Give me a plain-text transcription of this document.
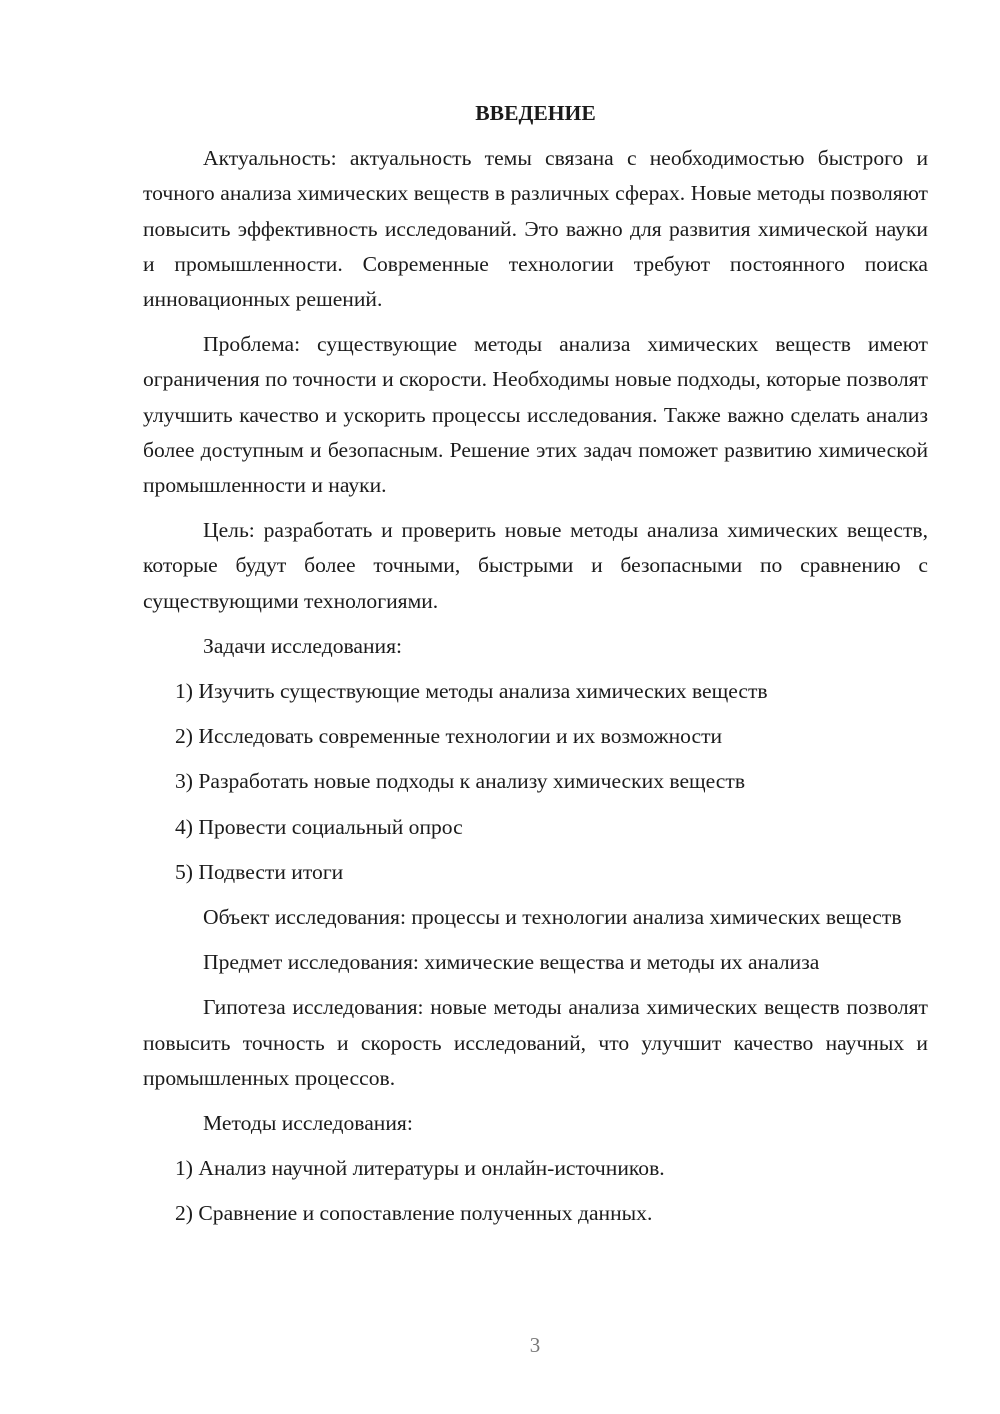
ВВЕДЕНИЕ
Актуальность: актуальность темы связана с необходимостью быстрого и точного анализа химических веществ в различных сферах. Новые методы позволяют повысить эффективность исследований. Это важно для развития химической науки и промышленности. Современные технологии требуют постоянного поиска инновационных решений.
Проблема: существующие методы анализа химических веществ имеют ограничения по точности и скорости. Необходимы новые подходы, которые позволят улучшить качество и ускорить процессы исследования. Также важно сделать анализ более доступным и безопасным. Решение этих задач поможет развитию химической промышленности и науки.
Цель: разработать и проверить новые методы анализа химических веществ, которые будут более точными, быстрыми и безопасными по сравнению с существующими технологиями.
Задачи исследования:
1) Изучить существующие методы анализа химических веществ
2) Исследовать современные технологии и их возможности
3) Разработать новые подходы к анализу химических веществ
4) Провести социальный опрос
5) Подвести итоги
Объект исследования: процессы и технологии анализа химических веществ
Предмет исследования: химические вещества и методы их анализа
Гипотеза исследования: новые методы анализа химических веществ позволят повысить точность и скорость исследований, что улучшит качество научных и промышленных процессов.
Методы исследования:
1) Анализ научной литературы и онлайн-источников.
2) Сравнение и сопоставление полученных данных.
3
